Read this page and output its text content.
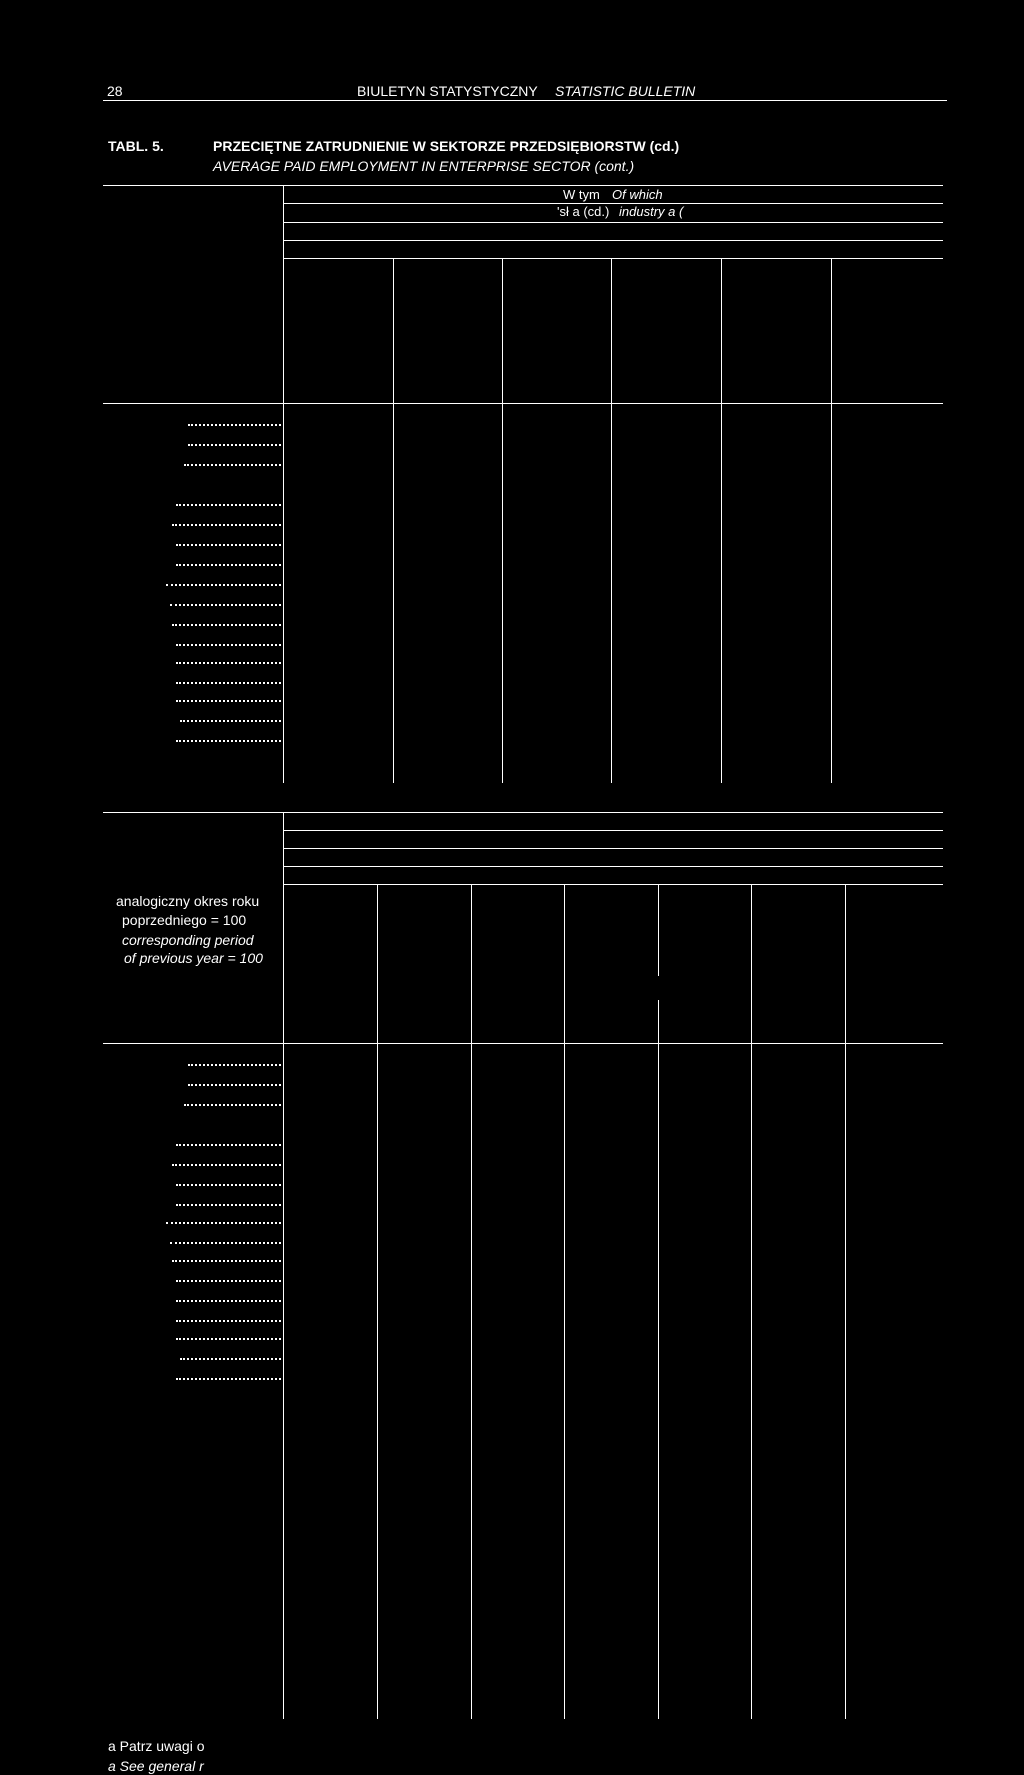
28	BIULETYN STATYSTYCZNY STATISTIC BULLETIN
TABL. 5.	PRZECIĘTNE ZATRUDNIENIE W SEKTORZE PRZEDSIĘBIORSTW (cd.)
AVERAGE PAID EMPLOYMENT IN ENTERPRISE SECTOR (cont.)
W tym Of which
'sł a (cd.) industry a (
analogiczny okres roku
poprzedniego = 100
corresponding period
of previous year = 100
a Patrz uwagi o
a See general r
